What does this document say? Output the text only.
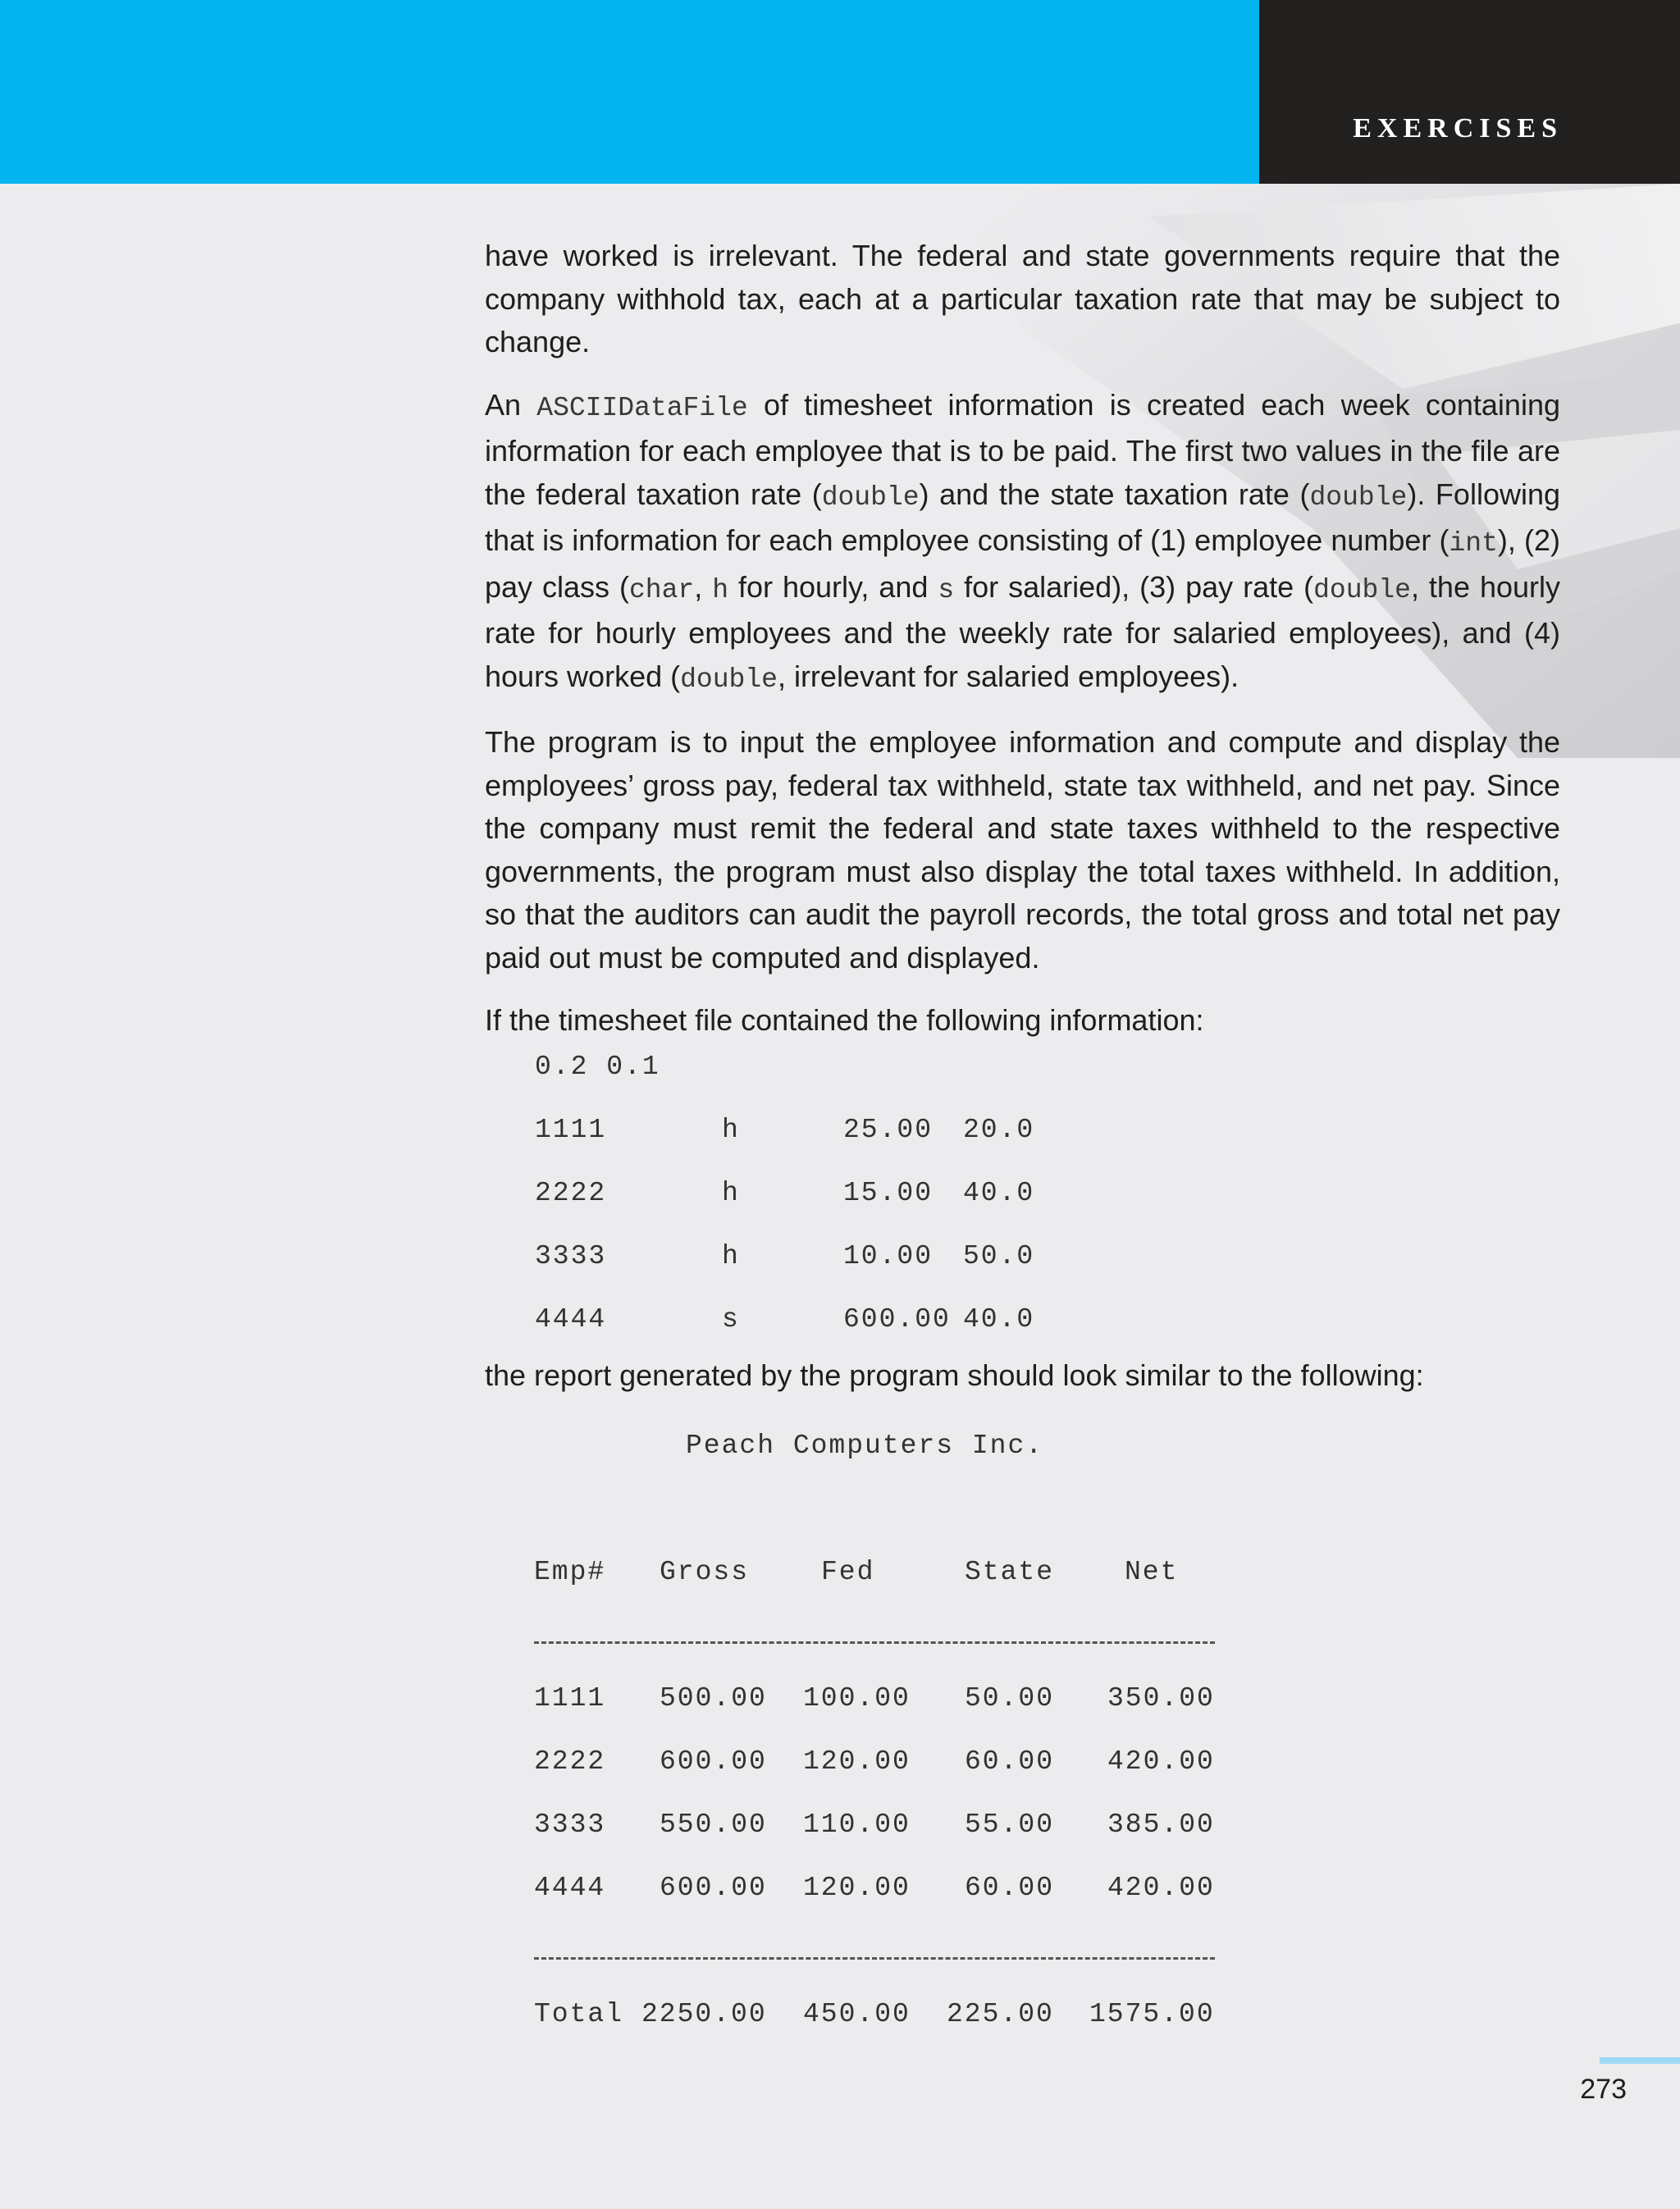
EXERCISES

have worked is irrelevant. The federal and state governments require that the company withhold tax, each at a particular taxation rate that may be subject to change.

An ASCIIDataFile of timesheet information is created each week containing information for each employee that is to be paid. The first two values in the file are the federal taxation rate (double) and the state taxation rate (double). Following that is information for each employee consisting of (1) employee number (int), (2) pay class (char, h for hourly, and s for salaried), (3) pay rate (double, the hourly rate for hourly employees and the weekly rate for salaried employees), and (4) hours worked (double, irrelevant for salaried employees).

The program is to input the employee information and compute and display the employees’ gross pay, federal tax withheld, state tax withheld, and net pay. Since the company must remit the federal and state taxes withheld to the respective governments, the program must also display the total taxes withheld. In addition, so that the auditors can audit the payroll records, the total gross and total net pay paid out must be computed and displayed.

If the timesheet file contained the following information:

0.2 0.1
1111	h	25.00 20.0
2222	h	15.00 40.0
3333	h	10.00 50.0
4444	s	600.00 40.0

the report generated by the program should look similar to the following:

Peach Computers Inc.
Emp# Gross	Fed	State	Net
1111 500.00 100.00 50.00 350.00
2222 600.00 120.00 60.00 420.00
3333 550.00 110.00 55.00 385.00
4444 600.00 120.00 60.00 420.00
Total 2250.00 450.00 225.00 1575.00
273
